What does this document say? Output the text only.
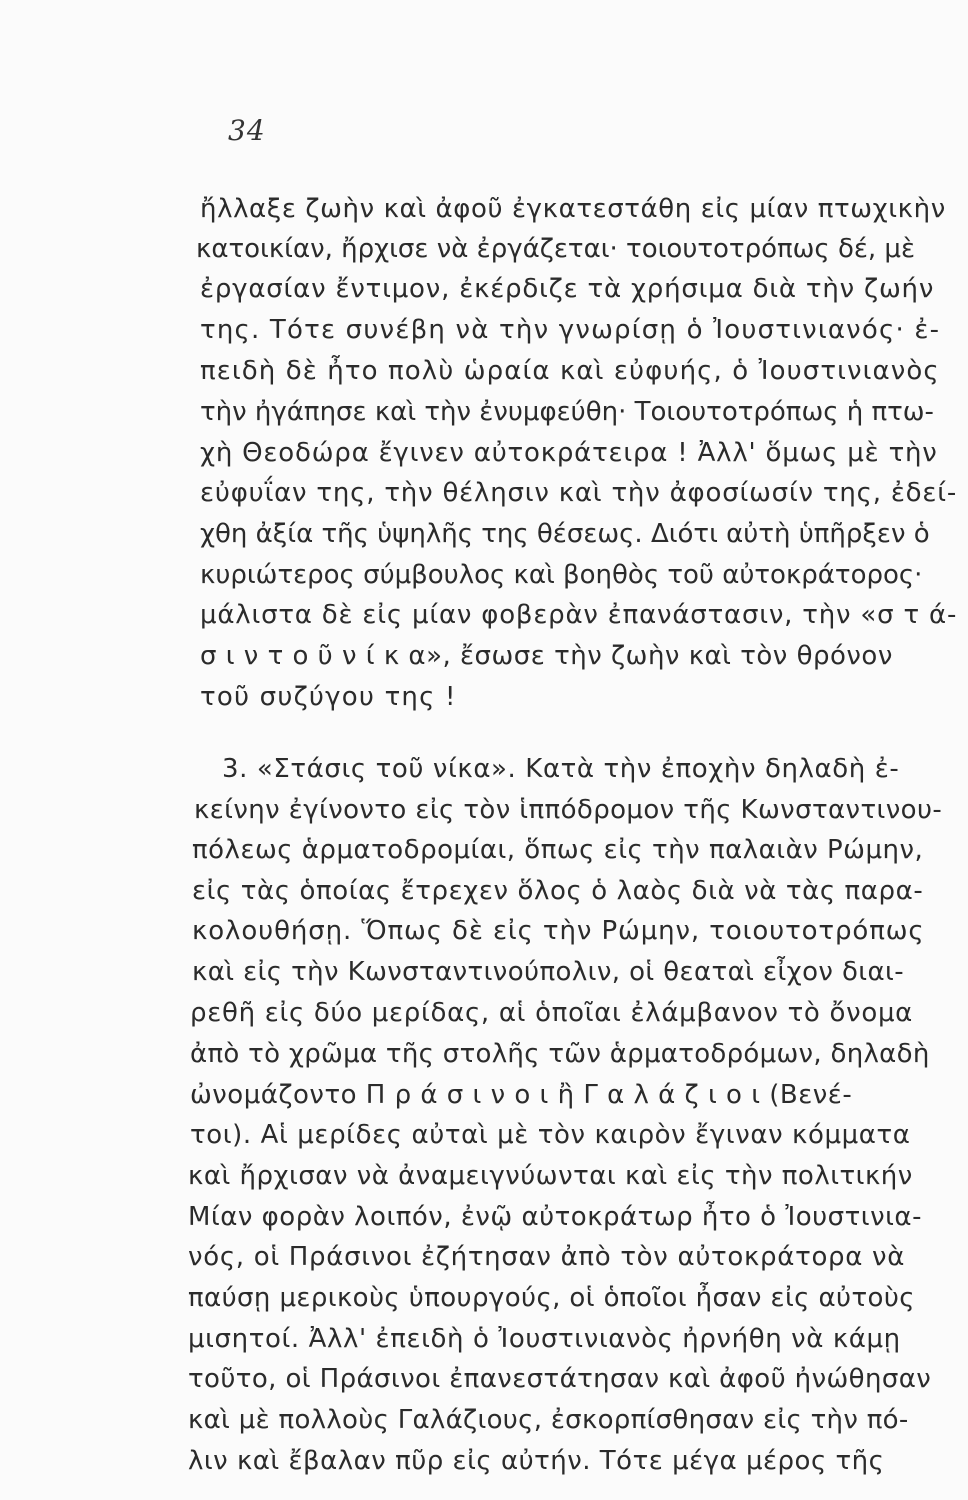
34
ἤλλαξε ζωὴν καὶ ἀφοῦ ἐγκατεστάθη εἰς μίαν πτωχικὴν
κατοικίαν, ἤρχισε νὰ ἐργάζεται· τοιουτοτρόπως δέ, μὲ
ἐργασίαν ἔντιμον, ἐκέρδιζε τὰ χρήσιμα διὰ τὴν ζωήν
της. Τότε συνέβη νὰ τὴν γνωρίσῃ ὁ Ἰουστινιανός· ἐ-
πειδὴ δὲ ἦτο πολὺ ὡραία καὶ εὐφυής, ὁ Ἰουστινιανὸς
τὴν ἠγάπησε καὶ τὴν ἐνυμφεύθη· Τοιουτοτρόπως ἡ πτω-
χὴ Θεοδώρα ἔγινεν αὐτοκράτειρα ! Ἀλλ' ὅμως μὲ τὴν
εὐφυΐαν της, τὴν θέλησιν καὶ τὴν ἀφοσίωσίν της, ἐδεί-
χθη ἀξία τῆς ὑψηλῆς της θέσεως. Διότι αὐτὴ ὑπῆρξεν ὁ
κυριώτερος σύμβουλος καὶ βοηθὸς τοῦ αὐτοκράτορος·
μάλιστα δὲ εἰς μίαν φοβερὰν ἐπανάστασιν, τὴν «σ τ ά-
σ ι ν τ ο ῦ ν ί κ α», ἔσωσε τὴν ζωὴν καὶ τὸν θρόνον
τοῦ συζύγου της !
3. «Στάσις τοῦ νίκα». Κατὰ τὴν ἐποχὴν δηλαδὴ ἐ-
κείνην ἐγίνοντο εἰς τὸν ἱππόδρομον τῆς Κωνσταντινου-
πόλεως ἁρματοδρομίαι, ὅπως εἰς τὴν παλαιὰν Ρώμην,
εἰς τὰς ὁποίας ἔτρεχεν ὅλος ὁ λαὸς διὰ νὰ τὰς παρα-
κολουθήσῃ. Ὅπως δὲ εἰς τὴν Ρώμην, τοιουτοτρόπως
καὶ εἰς τὴν Κωνσταντινούπολιν, οἱ θεαταὶ εἶχον διαι-
ρεθῆ εἰς δύο μερίδας, αἱ ὁποῖαι ἐλάμβανον τὸ ὄνομα
ἀπὸ τὸ χρῶμα τῆς στολῆς τῶν ἁρματοδρόμων, δηλαδὴ
ὠνομάζοντο Π ρ ά σ ι ν ο ι ἢ Γ α λ ά ζ ι ο ι (Βενέ-
τοι). Αἱ μερίδες αὐταὶ μὲ τὸν καιρὸν ἔγιναν κόμματα
καὶ ἤρχισαν νὰ ἀναμειγνύωνται καὶ εἰς τὴν πολιτικήν
Μίαν φορὰν λοιπόν, ἐνῷ αὐτοκράτωρ ἦτο ὁ Ἰουστινια-
νός, οἱ Πράσινοι ἐζήτησαν ἀπὸ τὸν αὐτοκράτορα νὰ
παύσῃ μερικοὺς ὑπουργούς, οἱ ὁποῖοι ἦσαν εἰς αὐτοὺς
μισητοί. Ἀλλ' ἐπειδὴ ὁ Ἰουστινιανὸς ἠρνήθη νὰ κάμῃ
τοῦτο, οἱ Πράσινοι ἐπανεστάτησαν καὶ ἀφοῦ ἠνώθησαν
καὶ μὲ πολλοὺς Γαλάζιους, ἐσκορπίσθησαν εἰς τὴν πό-
λιν καὶ ἔβαλαν πῦρ εἰς αὐτήν. Τότε μέγα μέρος τῆς
